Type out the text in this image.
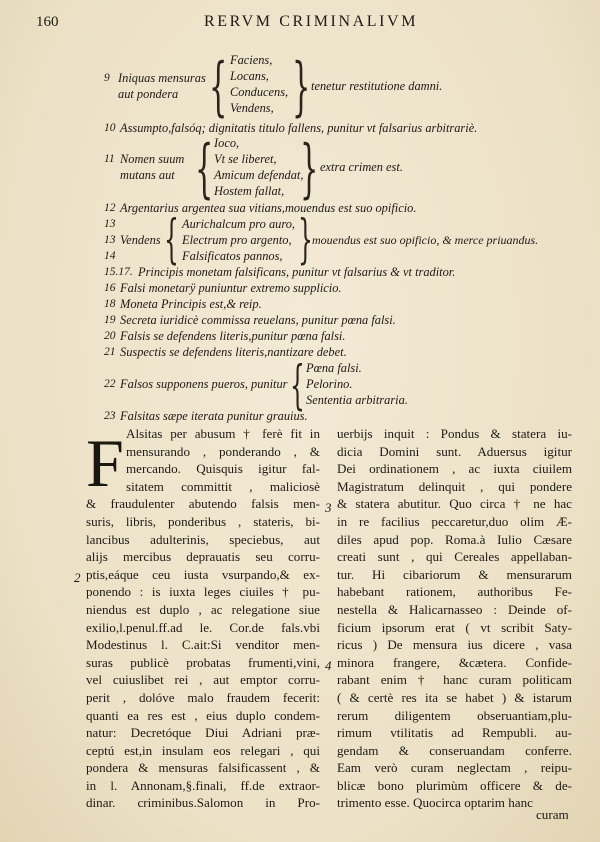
160	RERVM CRIMINALIVM
9 Iniquas mensuras
aut pondera { Faciens,
Locans,
Conducens,
Vendens, } tenetur restitutione damni.
10 Assumpto,falsóq; dignitatis titulo fallens, punitur vt falsarius arbitrariè.
11 Nomen suum
mutans aut { Ioco,
Vt se liberet,
Amicum defendat,
Hostem fallat, } extra crimen est.
12 Argentarius argentea sua vitians,mouendus est suo opificio.
13
13
14
Vendens { Aurichalcum pro auro,
Electrum pro argento,
Falsificatos pannos, } mouendus est suo opificio, & merce priuandus.
15.17. Principis monetam falsificans, punitur vt falsarius & vt traditor.
16 Falsi monetarÿ puniuntur extremo supplicio.
18 Moneta Principis est,& reip.
19 Secreta iuridicè commissa reuelans, punitur pœna falsi.
20 Falsis se defendens literis,punitur pœna falsi.
21 Suspectis se defendens literis,nantizare debet.
22 Falsos supponens pueros, punitur { Pœna falsi.
Pelorino.
Sententia arbitraria.
23 Falsitas sæpe iterata punitur grauius.
F Alsitas per abusum † ferè fit in

mensurando , ponderando , &

mercando. Quisquis igitur fal-

sitatem committit , maliciosè

& fraudulenter abutendo falsis men-

suris, libris, ponderibus , stateris, bi-

lancibus adulterinis, speciebus, aut

alijs mercibus deprauatis seu corru-

ptis,eáque ceu iusta vsurpando,& ex-

ponendo : is iuxta leges ciuiles † pu-

niendus est duplo , ac relegatione siue

exilio,l.penul.ff.ad le. Cor.de fals.vbi

Modestinus l. C.ait:Si venditor men-

suras publicè probatas frumenti,vini,

vel cuiuslibet rei , aut emptor corru-

perit , dolóve malo fraudem fecerit:

quanti ea res est , eius duplo condem-

natur: Decretóque Diui Adriani præ-

ceptú est,in insulam eos relegari , qui

pondera & mensuras falsificassent , &

in l. Annonam,§.finali, ff.de extraor-

dinar. criminibus.Salomon in Pro-

uerbijs inquit : Pondus & statera iu-

dicia Domini sunt. Aduersus igitur

Dei ordinationem , ac iuxta ciuilem

Magistratum delinquit , qui pondere

& statera abutitur. Quo circa † ne hac

in re facilius peccaretur,duo olim Æ-

diles apud pop. Roma.à Iulio Cæsare

creati sunt , qui Cereales appellaban-

tur. Hi cibariorum & mensurarum

habebant rationem, authoribus Fe-

nestella & Halicarnasseo : Deinde of-

ficium ipsorum erat ( vt scribit Saty-

ricus ) De mensura ius dicere , vasa

minora frangere, &cætera. Confide-

rabant enim † hanc curam politicam

( & certè res ita se habet ) & istarum

rerum diligentem obseruantiam,plu-

rimum vtilitatis ad Rempubli. au-

gendam & conseruandam conferre.

Eam verò curam neglectam , reipu-

blicæ bono plurimùm officere & de-

trimento esse. Quocirca optarim hanc

2
3
4
curam
